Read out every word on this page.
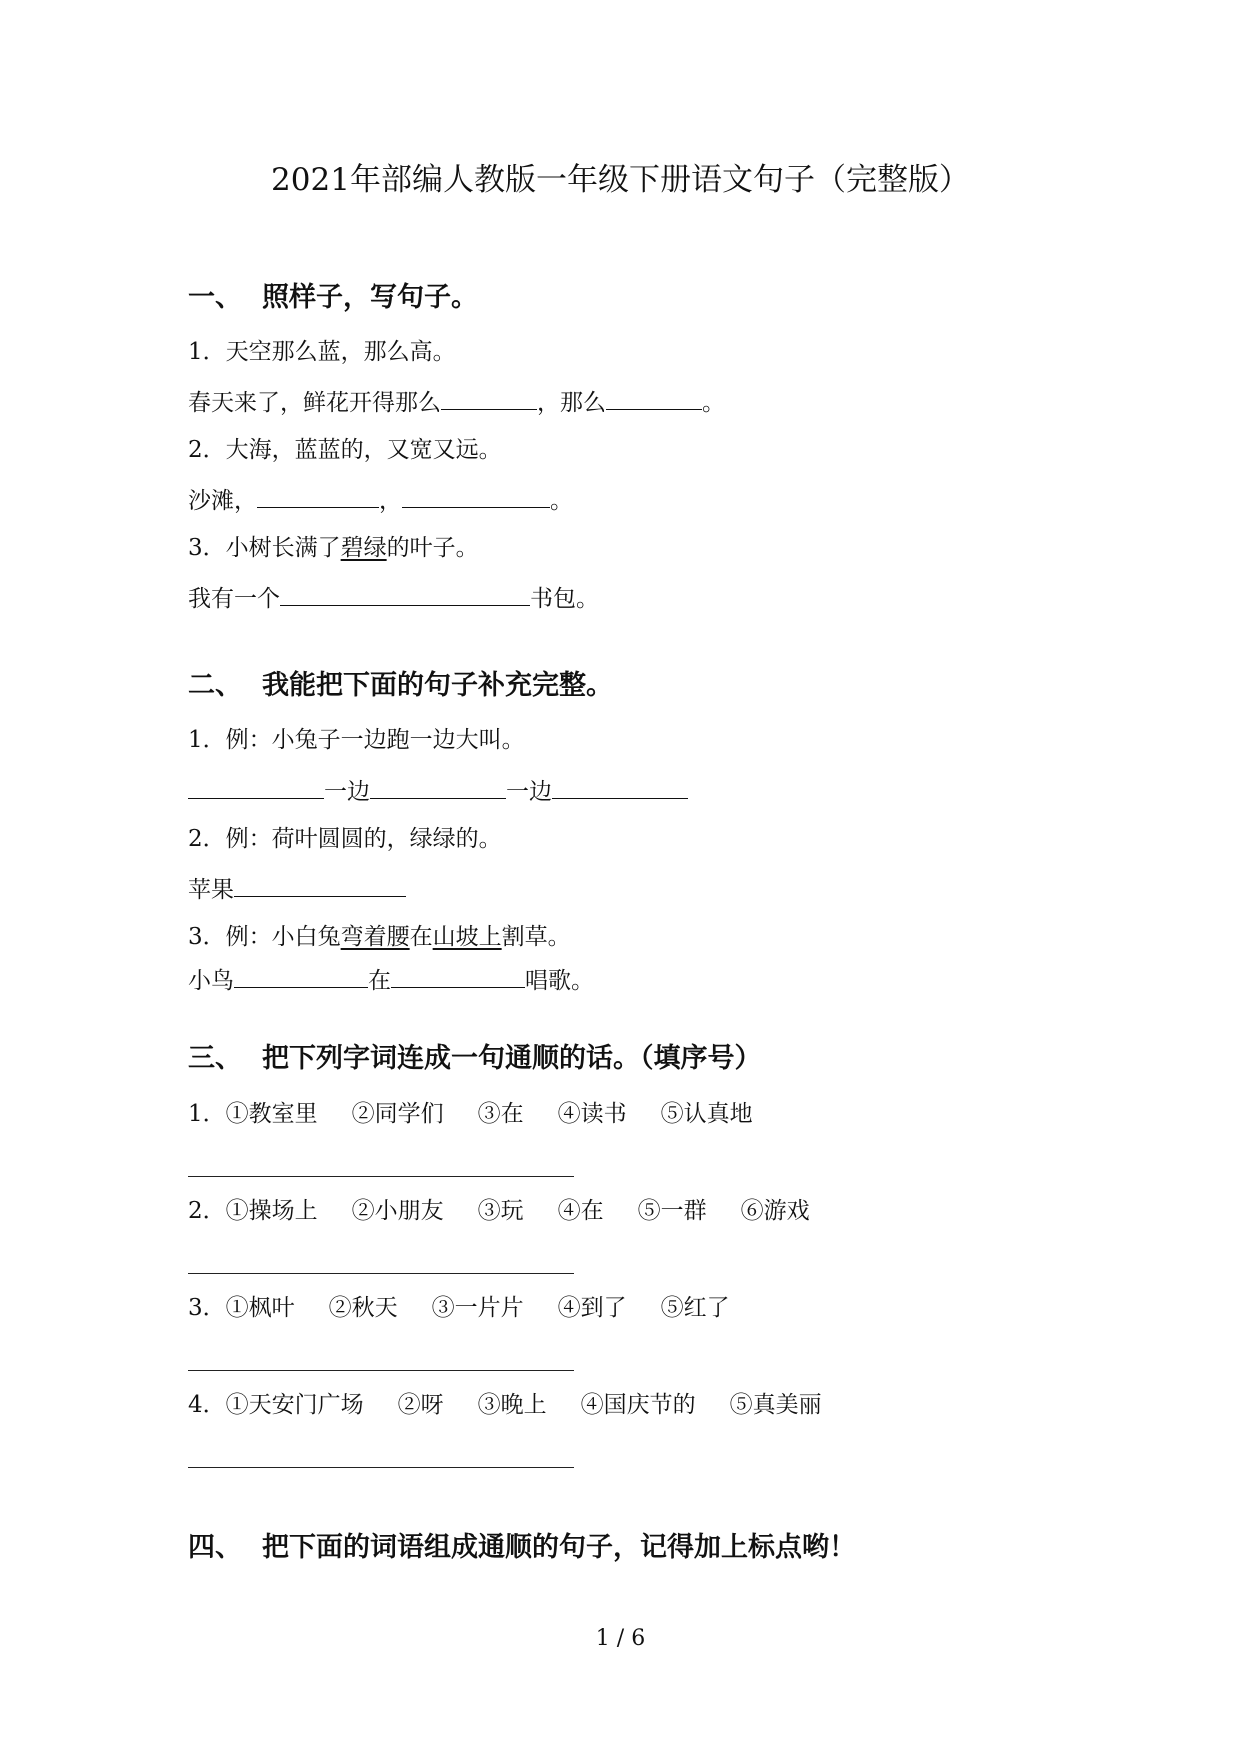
2021年部编人教版一年级下册语文句子（完整版）
一、 照样子，写句子。
1．天空那么蓝，那么高。
春天来了，鲜花开得那么	，那么	。
2．大海，蓝蓝的，又宽又远。
沙滩，	，	。
3．小树长满了碧绿的叶子。
我有一个	书包。
二、 我能把下面的句子补充完整。
1．例：小兔子一边跑一边大叫。
一边	一边
2．例：荷叶圆圆的，绿绿的。
苹果
3．例：小白兔弯着腰在山坡上割草。
小鸟	在	唱歌。
三、 把下列字词连成一句通顺的话。（填序号）
1．①教室里 ②同学们 ③在 ④读书 ⑤认真地
2．①操场上 ②小朋友 ③玩 ④在 ⑤一群 ⑥游戏
3．①枫叶 ②秋天 ③一片片 ④到了 ⑤红了
4．①天安门广场 ②呀 ③晚上 ④国庆节的 ⑤真美丽
四、 把下面的词语组成通顺的句子，记得加上标点哟！
1 / 6
